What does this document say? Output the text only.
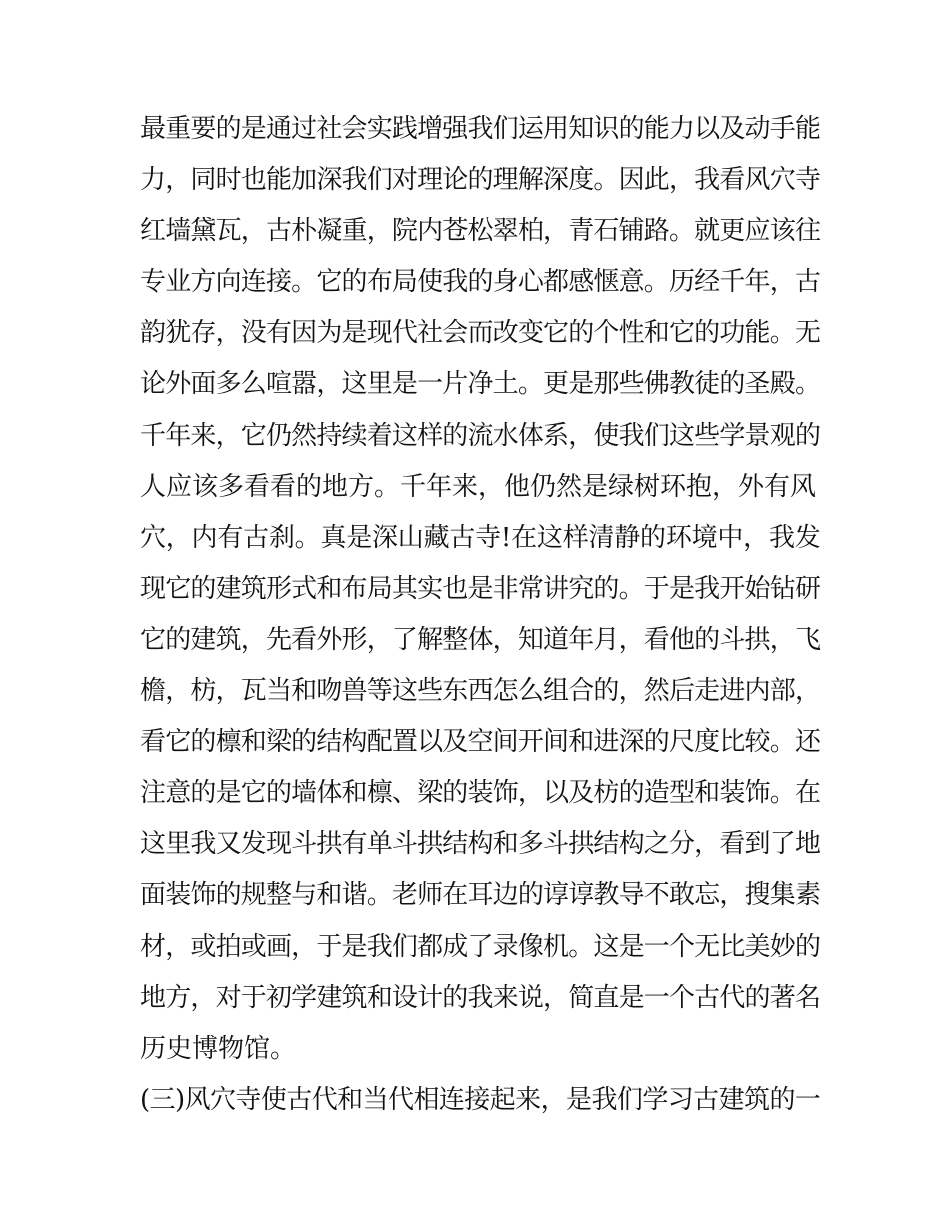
最重要的是通过社会实践增强我们运用知识的能力以及动手能
力，同时也能加深我们对理论的理解深度。因此，我看风穴寺
红墙黛瓦，古朴凝重，院内苍松翠柏，青石铺路。就更应该往
专业方向连接。它的布局使我的身心都感惬意。历经千年，古
韵犹存，没有因为是现代社会而改变它的个性和它的功能。无
论外面多么喧嚣，这里是一片净土。更是那些佛教徒的圣殿。
千年来，它仍然持续着这样的流水体系，使我们这些学景观的
人应该多看看的地方。千年来，他仍然是绿树环抱，外有风
穴，内有古刹。真是深山藏古寺!在这样清静的环境中，我发
现它的建筑形式和布局其实也是非常讲究的。于是我开始钻研
它的建筑，先看外形，了解整体，知道年月，看他的斗拱，飞
檐，枋，瓦当和吻兽等这些东西怎么组合的，然后走进内部，
看它的檩和梁的结构配置以及空间开间和进深的尺度比较。还
注意的是它的墙体和檩、梁的装饰，以及枋的造型和装饰。在
这里我又发现斗拱有单斗拱结构和多斗拱结构之分，看到了地
面装饰的规整与和谐。老师在耳边的谆谆教导不敢忘，搜集素
材，或拍或画，于是我们都成了录像机。这是一个无比美妙的
地方，对于初学建筑和设计的我来说，简直是一个古代的著名
历史博物馆。
(三)风穴寺使古代和当代相连接起来，是我们学习古建筑的一
